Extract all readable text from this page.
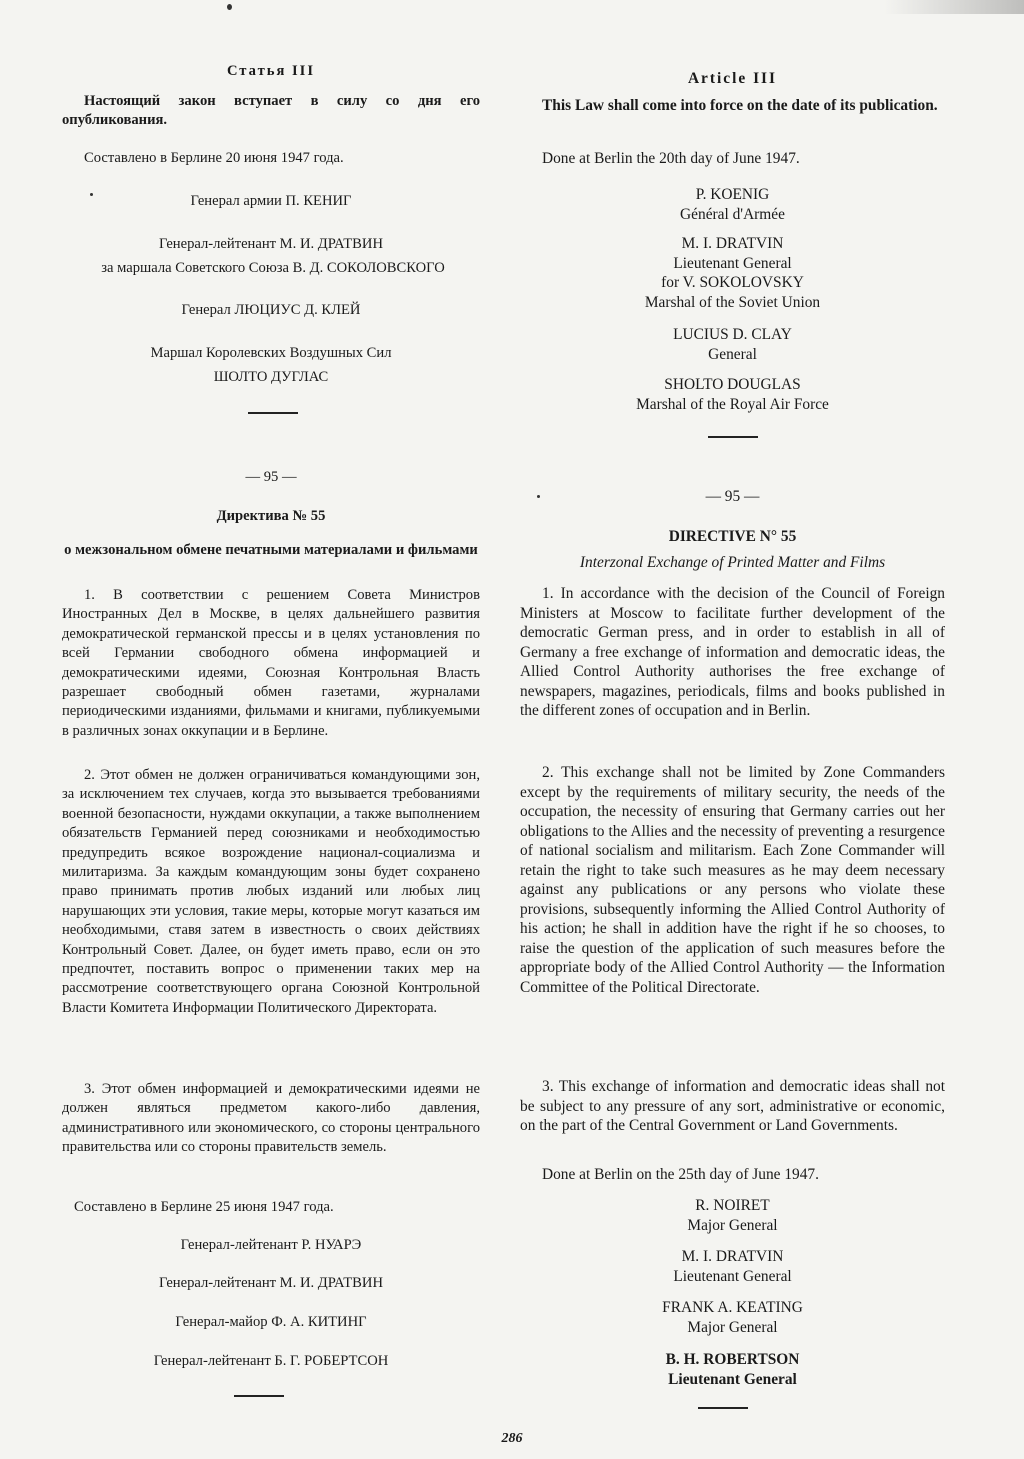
Статья III

Настоящий закон вступает в силу со дня его опубликования.

Составлено в Берлине 20 июня 1947 года.
Генерал армии П. КЕНИГ
Генерал-лейтенант М. И. ДРАТВИН
за маршала Советского Союза В. Д. СОКОЛОВСКОГО
Генерал ЛЮЦИУС Д. КЛЕЙ
Маршал Королевских Воздушных Сил
ШОЛТО ДУГЛАС
— 95 —
Директива № 55
о межзональном обмене печатными материалами и фильмами

1. В соответствии с решением Совета Министров Иностранных Дел в Москве, в целях дальнейшего развития демократической германской прессы и в целях установления по всей Германии свободного обмена информацией и демократическими идеями, Союзная Контрольная Власть разрешает свободный обмен газетами, журналами периодическими изданиями, фильмами и книгами, публикуемыми в различных зонах оккупации и в Берлине.

2. Этот обмен не должен ограничиваться командующими зон, за исключением тех случаев, когда это вызывается требованиями военной безопасности, нуждами оккупации, а также выполнением обязательств Германией перед союзниками и необходимостью предупредить всякое возрождение национал-социализма и милитаризма. За каждым командующим зоны будет сохранено право принимать против любых изданий или любых лиц нарушающих эти условия, такие меры, которые могут казаться им необходимыми, ставя затем в известность о своих действиях Контрольный Совет. Далее, он будет иметь право, если он это предпочтет, поставить вопрос о применении таких мер на рассмотрение соответствующего органа Союзной Контрольной Власти Комитета Информации Политического Директората.

3. Этот обмен информацией и демократическими идеями не должен являться предметом какого-либо давления, административного или экономического, со стороны центрального правительства или со стороны правительств земель.

Составлено в Берлине 25 июня 1947 года.
Генерал-лейтенант Р. НУАРЭ
Генерал-лейтенант М. И. ДРАТВИН
Генерал-майор Ф. А. КИТИНГ
Генерал-лейтенант Б. Г. РОБЕРТСОН
Article III

This Law shall come into force on the date of its publication.

Done at Berlin the 20th day of June 1947.
P. KOENIG
Général d'Armée
M. I. DRATVIN
Lieutenant General
for V. SOKOLOVSKY
Marshal of the Soviet Union
LUCIUS D. CLAY
General
SHOLTO DOUGLAS
Marshal of the Royal Air Force
— 95 —
DIRECTIVE N° 55
Interzonal Exchange of Printed Matter and Films

1. In accordance with the decision of the Council of Foreign Ministers at Moscow to facilitate further development of the democratic German press, and in order to establish in all of Germany a free exchange of information and democratic ideas, the Allied Control Authority authorises the free exchange of newspapers, magazines, periodicals, films and books published in the different zones of occupation and in Berlin.

2. This exchange shall not be limited by Zone Commanders except by the requirements of military security, the needs of the occupation, the necessity of ensuring that Germany carries out her obligations to the Allies and the necessity of preventing a resurgence of national socialism and militarism. Each Zone Commander will retain the right to take such measures as he may deem necessary against any publications or any persons who violate these provisions, subsequently informing the Allied Control Authority of his action; he shall in addition have the right if he so chooses, to raise the question of the application of such measures before the appropriate body of the Allied Control Authority — the Information Committee of the Political Directorate.

3. This exchange of information and democratic ideas shall not be subject to any pressure of any sort, administrative or economic, on the part of the Central Government or Land Governments.

Done at Berlin on the 25th day of June 1947.
R. NOIRET
Major General
M. I. DRATVIN
Lieutenant General
FRANK A. KEATING
Major General
B. H. ROBERTSON
Lieutenant General
286
